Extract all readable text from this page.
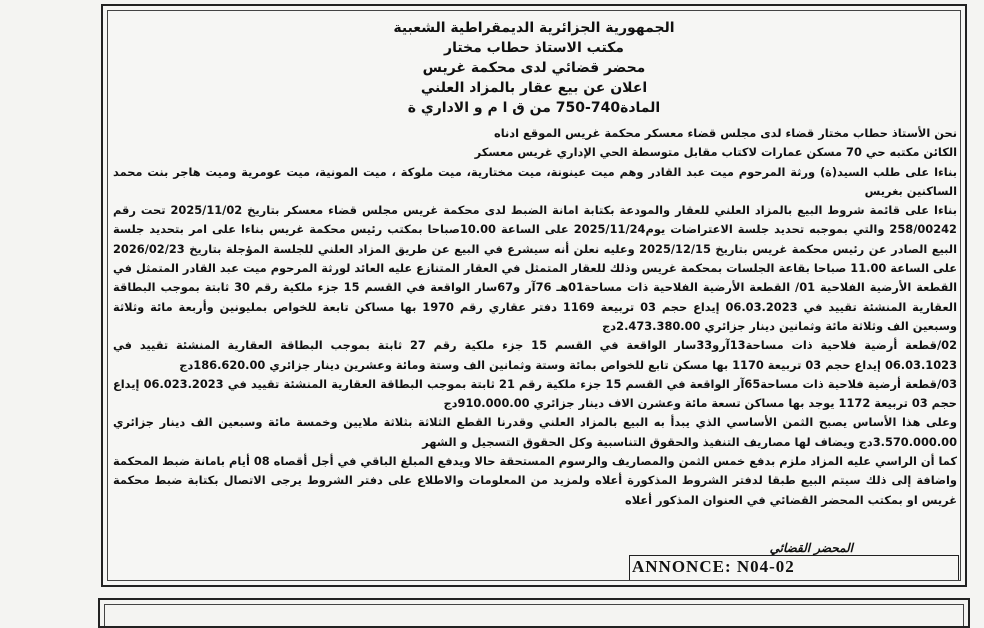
الجمهورية الجزائرية الديمقراطية الشعبية
مكتب الاستاذ حطاب مختار
محضر قضائي لدى محكمة غريس
اعلان عن بيع عقار بالمزاد العلني
المادة740-750 من ق ا م و الاداري ة

نحن الأستاذ حطاب مختار قضاء لدى مجلس قضاء معسكر محكمة غريس الموقع ادناه

الكائن مكتبه حي 70 مسكن عمارات لاكتاب مقابل متوسطة الحي الإداري غريس معسكر

بناءا على طلب السيد(ة) ورثة المرحوم ميت عبد القادر وهم ميت عينونة، ميت مختارية، ميت ملوكة ، ميت المونية، ميت عومرية وميت هاجر بنت محمد الساكنين بغريس

بناءا على قائمة شروط البيع بالمزاد العلني للعقار والمودعة بكتابة امانة الضبط لدى محكمة غريس مجلس قضاء معسكر بتاريخ 2025/11/02 تحت رقم 258/00242 والتي بموجبه تحديد جلسة الاعتراضات يوم2025/11/24 على الساعة 10.00صباحا بمكتب رئيس محكمة غريس بناءا على امر بتحديد جلسة البيع الصادر عن رئيس محكمة غريس بتاريخ 2025/12/15 وعليه نعلن أنه سيشرع في البيع عن طريق المزاد العلني للجلسة المؤجلة بتاريخ 2026/02/23 على الساعة 11.00 صباحا بقاعة الجلسات بمحكمة غريس وذلك للعقار المتمثل في العقار المتنازع عليه العائد لورثة المرحوم ميت عبد القادر المتمثل في القطعة الأرضية الفلاحية 01/ القطعة الأرضية الفلاحية ذات مساحة01هـ 76آر و67سار الواقعة في القسم 15 جزء ملكية رقم 30 ثابتة بموجب البطاقة العقارية المنشئة تقييد في 06.03.2023 إيداع حجم 03 تربيعة 1169 دفتر عقاري رقم 1970 بها مساكن تابعة للخواص بمليونين وأربعة مائة وثلاثة وسبعين الف وثلاثة مائة وثمانين دينار جزائري 2.473.380.00دج

02/قطعة أرضية فلاحية ذات مساحة13آرو33سار الواقعة في القسم 15 جزء ملكية رقم 27 ثابتة بموجب البطاقة العقارية المنشئة تقييد في 06.03.1023 إيداع حجم 03 تربيعة 1170 بها مسكن تابع للخواص بمائة وستة وثمانين الف وستة ومائة وعشرين دينار جزائري 186.620.00دج

03/قطعة أرضية فلاحية ذات مساحة65آر الواقعة في القسم 15 جزء ملكية رقم 21 ثابتة بموجب البطاقة العقارية المنشئة تقييد في 06.023.2023 إيداع حجم 03 تربيعة 1172 يوجد بها مساكن تسعة مائة وعشرن الاف دينار جزائري 910.000.00دج

وعلى هذا الأساس يصبح الثمن الأساسي الذي يبدأ به البيع بالمزاد العلني وقدرنا القطع الثلاثة بثلاثة ملايين وخمسة مائة وسبعين الف دينار جزائري 3.570.000.00دج ويضاف لها مصاريف التنفيذ والحقوق التناسبية وكل الحقوق التسجيل و الشهر

كما أن الراسي عليه المزاد ملزم بدفع خمس الثمن والمصاريف والرسوم المستحقة حالا ويدفع المبلغ الباقي في أجل أقصاه 08 أيام بامانة ضبط المحكمة واضافة إلى ذلك سيتم البيع طبقا لدفتر الشروط المذكورة أعلاه ولمزيد من المعلومات والاطلاع على دفتر الشروط يرجى الاتصال بكتابة ضبط محكمة غريس او بمكتب المحضر القضائي في العنوان المذكور أعلاه

المحضر القضائي
ANNONCE: N04-02
